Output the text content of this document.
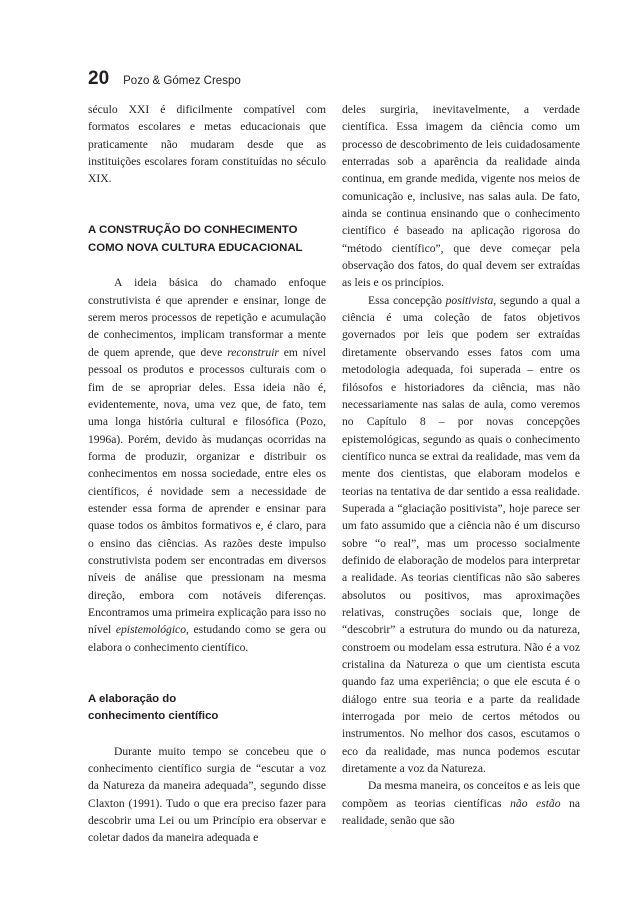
20 Pozo & Gómez Crespo

século XXI é dificilmente compatível com formatos escolares e metas educacionais que praticamente não mudaram desde que as instituições escolares foram constituídas no século XIX.

A CONSTRUÇÃO DO CONHECIMENTO
COMO NOVA CULTURA EDUCACIONAL

A ideia básica do chamado enfoque construtivista é que aprender e ensinar, longe de serem meros processos de repetição e acumulação de conhecimentos, implicam transformar a mente de quem aprende, que deve reconstruir em nível pessoal os produtos e processos culturais com o fim de se apropriar deles. Essa ideia não é, evidentemente, nova, uma vez que, de fato, tem uma longa história cultural e filosófica (Pozo, 1996a). Porém, devido às mudanças ocorridas na forma de produzir, organizar e distribuir os conhecimentos em nossa sociedade, entre eles os científicos, é novidade sem a necessidade de estender essa forma de aprender e ensinar para quase todos os âmbitos formativos e, é claro, para o ensino das ciências. As razões deste impulso construtivista podem ser encontradas em diversos níveis de análise que pressionam na mesma direção, embora com notáveis diferenças. Encontramos uma primeira explicação para isso no nível epistemológico, estudando como se gera ou elabora o conhecimento científico.

A elaboração do
conhecimento científico

Durante muito tempo se concebeu que o conhecimento científico surgia de “escutar a voz da Natureza da maneira adequada”, segundo disse Claxton (1991). Tudo o que era preciso fazer para descobrir uma Lei ou um Princípio era observar e coletar dados da maneira adequada e

deles surgiria, inevitavelmente, a verdade científica. Essa imagem da ciência como um processo de descobrimento de leis cuidadosamente enterradas sob a aparência da realidade ainda continua, em grande medida, vigente nos meios de comunicação e, inclusive, nas salas aula. De fato, ainda se continua ensinando que o conhecimento científico é baseado na aplicação rigorosa do “método científico”, que deve começar pela observação dos fatos, do qual devem ser extraídas as leis e os princípios.

Essa concepção positivista, segundo a qual a ciência é uma coleção de fatos objetivos governados por leis que podem ser extraídas diretamente observando esses fatos com uma metodologia adequada, foi superada – entre os filósofos e historiadores da ciência, mas não necessariamente nas salas de aula, como veremos no Capítulo 8 – por novas concepções epistemológicas, segundo as quais o conhecimento científico nunca se extrai da realidade, mas vem da mente dos cientistas, que elaboram modelos e teorias na tentativa de dar sentido a essa realidade. Superada a “glaciação positivista”, hoje parece ser um fato assumido que a ciência não é um discurso sobre “o real”, mas um processo socialmente definido de elaboração de modelos para interpretar a realidade. As teorias científicas não são saberes absolutos ou positivos, mas aproximações relativas, construções sociais que, longe de “descobrir” a estrutura do mundo ou da natureza, constroem ou modelam essa estrutura. Não é a voz cristalina da Natureza o que um cientista escuta quando faz uma experiência; o que ele escuta é o diálogo entre sua teoria e a parte da realidade interrogada por meio de certos métodos ou instrumentos. No melhor dos casos, escutamos o eco da realidade, mas nunca podemos escutar diretamente a voz da Natureza.

Da mesma maneira, os conceitos e as leis que compõem as teorias científicas não estão na realidade, senão que são
